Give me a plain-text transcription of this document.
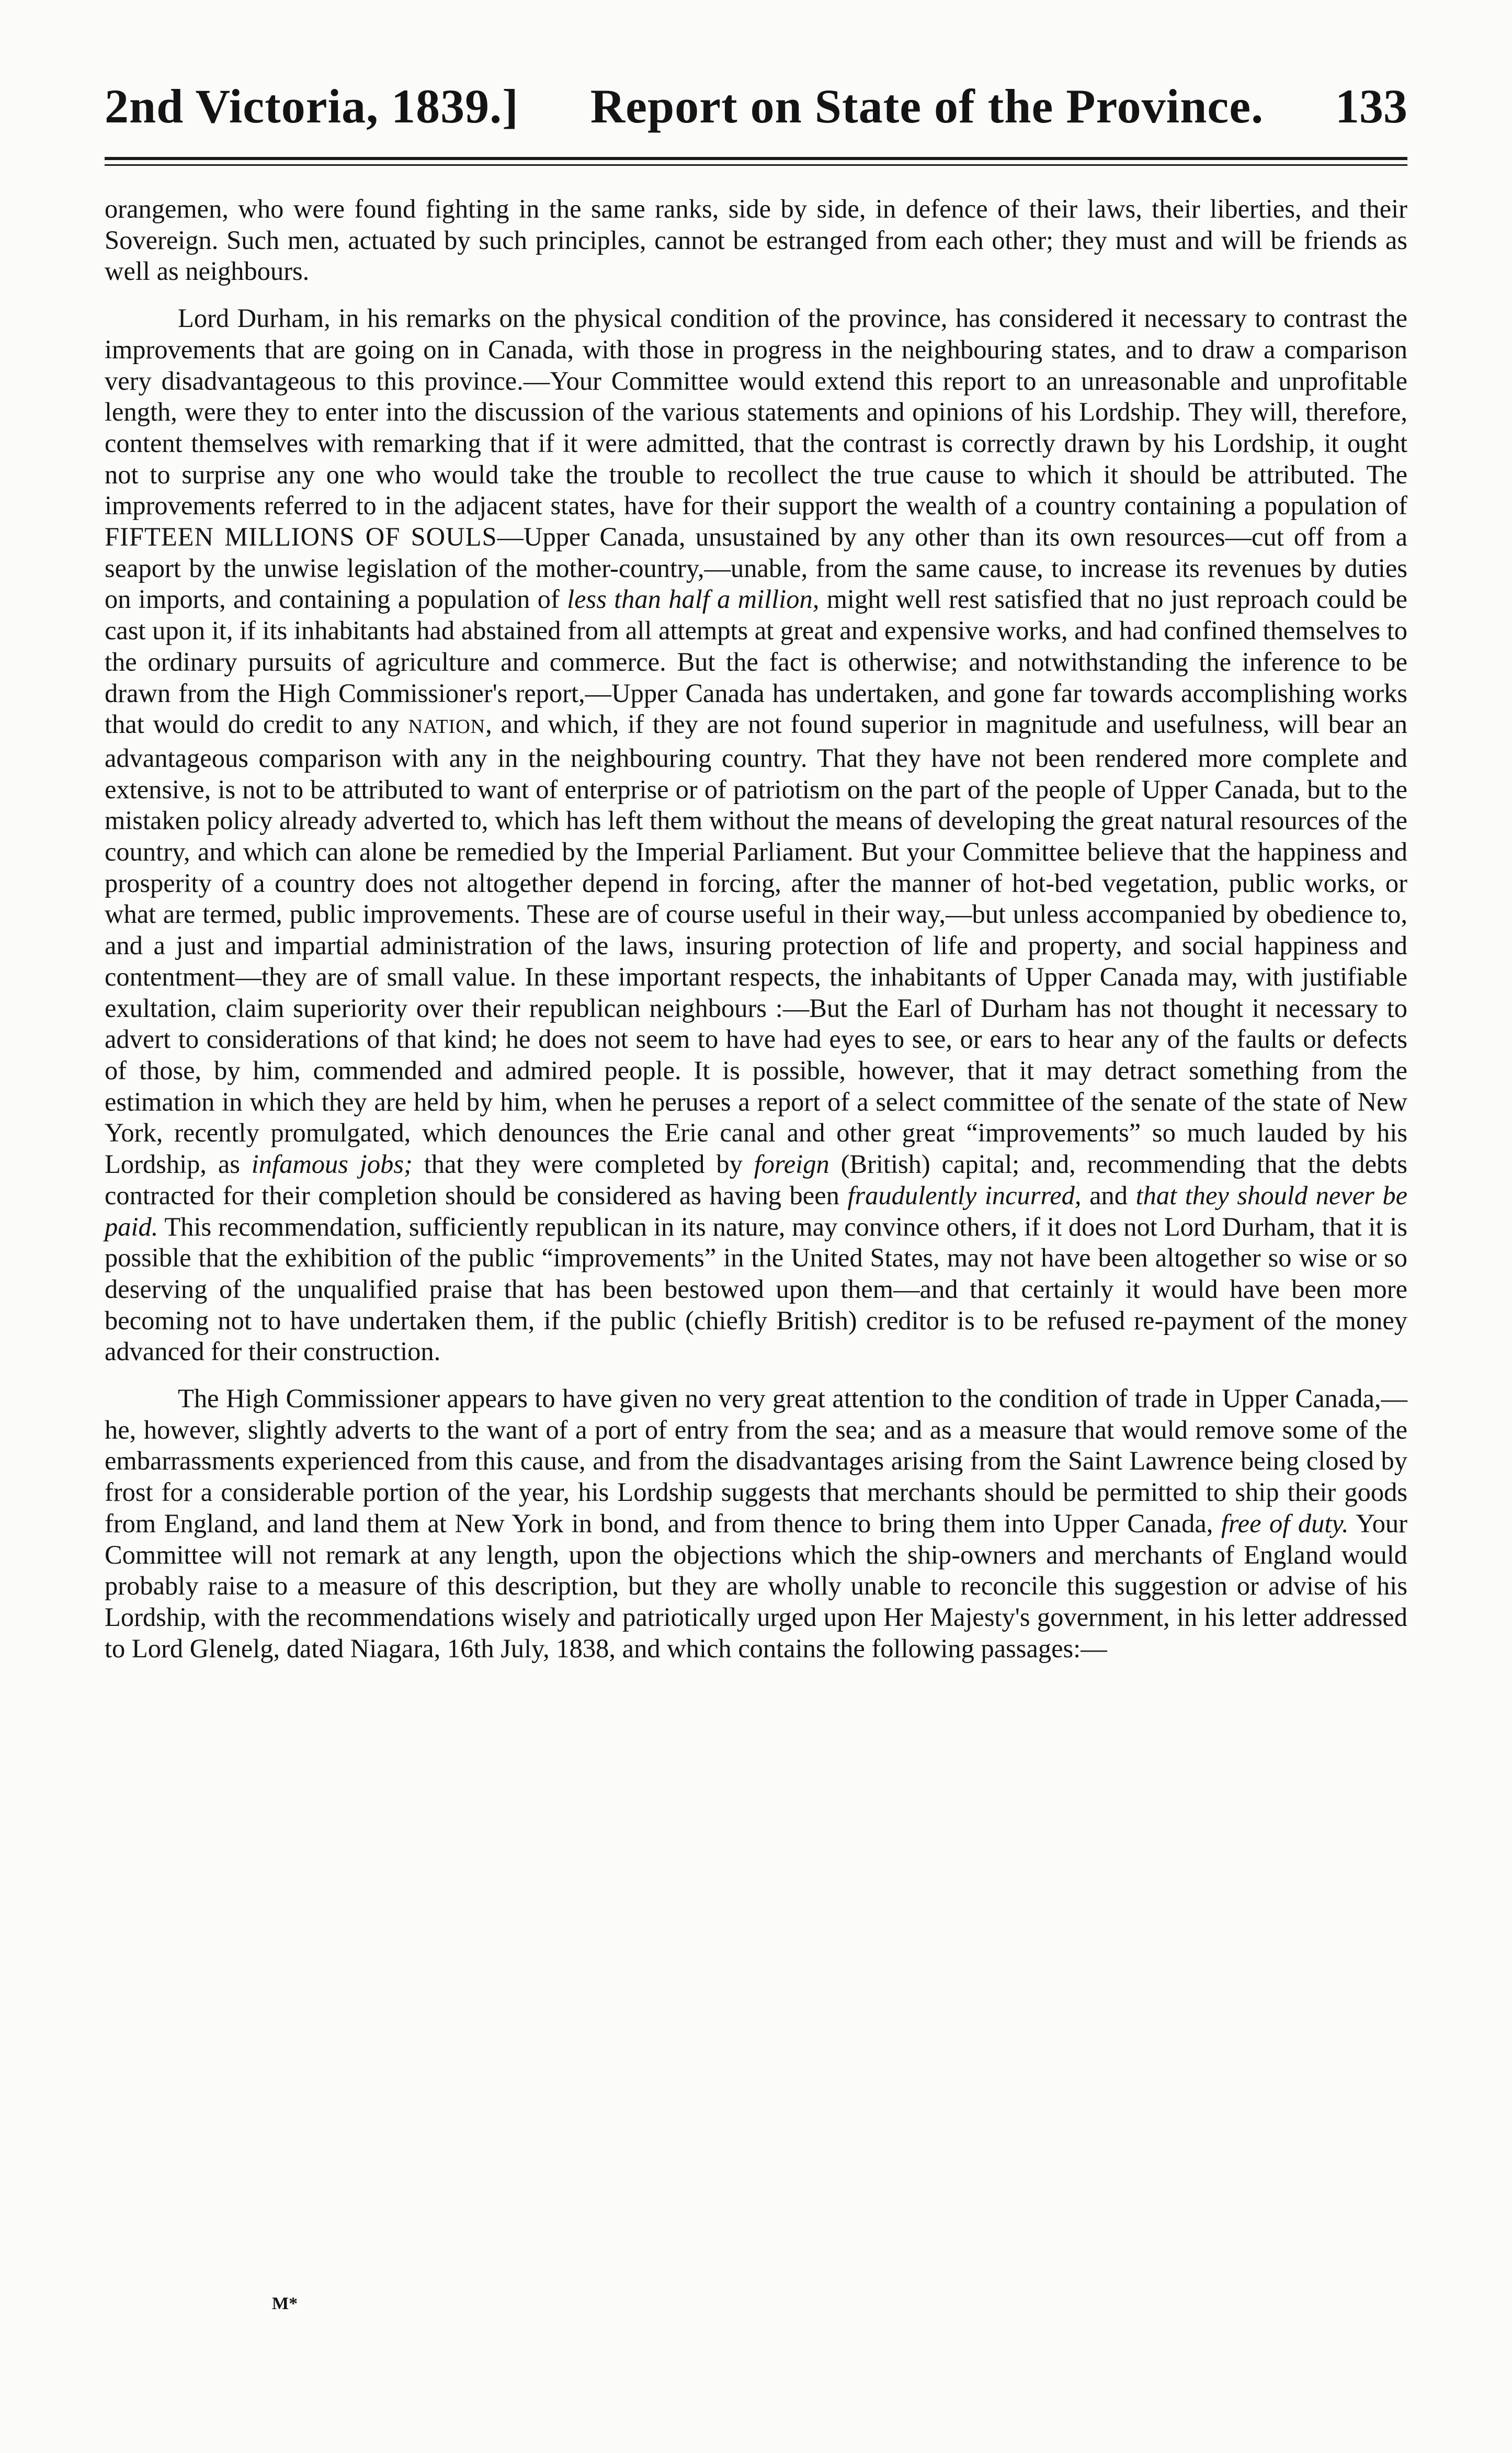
2nd Victoria, 1839.]	Report on State of the Province.	133

orangemen, who were found fighting in the same ranks, side by side, in defence of their laws, their liberties, and their Sovereign. Such men, actuated by such principles, cannot be estranged from each other; they must and will be friends as well as neighbours.

Lord Durham, in his remarks on the physical condition of the province, has considered it necessary to contrast the improvements that are going on in Canada, with those in progress in the neighbouring states, and to draw a comparison very disadvantageous to this province.—Your Committee would extend this report to an unreasonable and unprofitable length, were they to enter into the discussion of the various statements and opinions of his Lordship. They will, therefore, content themselves with remarking that if it were admitted, that the contrast is correctly drawn by his Lordship, it ought not to surprise any one who would take the trouble to recollect the true cause to which it should be attributed. The improvements referred to in the adjacent states, have for their support the wealth of a country containing a population of FIFTEEN MILLIONS OF SOULS—Upper Canada, unsustained by any other than its own resources—cut off from a seaport by the unwise legislation of the mother-country,—unable, from the same cause, to increase its revenues by duties on imports, and containing a population of less than half a million, might well rest satisfied that no just reproach could be cast upon it, if its inhabitants had abstained from all attempts at great and expensive works, and had confined themselves to the ordinary pursuits of agriculture and commerce. But the fact is otherwise; and notwithstanding the inference to be drawn from the High Commissioner's report,—Upper Canada has undertaken, and gone far towards accomplishing works that would do credit to any NATION, and which, if they are not found superior in magnitude and usefulness, will bear an advantageous comparison with any in the neighbouring country. That they have not been rendered more complete and extensive, is not to be attributed to want of enterprise or of patriotism on the part of the people of Upper Canada, but to the mistaken policy already adverted to, which has left them without the means of developing the great natural resources of the country, and which can alone be remedied by the Imperial Parliament. But your Committee believe that the happiness and prosperity of a country does not altogether depend in forcing, after the manner of hot-bed vegetation, public works, or what are termed, public improvements. These are of course useful in their way,—but unless accompanied by obedience to, and a just and impartial administration of the laws, insuring protection of life and property, and social happiness and contentment—they are of small value. In these important respects, the inhabitants of Upper Canada may, with justifiable exultation, claim superiority over their republican neighbours :—But the Earl of Durham has not thought it necessary to advert to considerations of that kind; he does not seem to have had eyes to see, or ears to hear any of the faults or defects of those, by him, commended and admired people. It is possible, however, that it may detract something from the estimation in which they are held by him, when he peruses a report of a select committee of the senate of the state of New York, recently promulgated, which denounces the Erie canal and other great “improvements” so much lauded by his Lordship, as infamous jobs; that they were completed by foreign (British) capital; and, recommending that the debts contracted for their completion should be considered as having been fraudulently incurred, and that they should never be paid. This recommendation, sufficiently republican in its nature, may convince others, if it does not Lord Durham, that it is possible that the exhibition of the public “improvements” in the United States, may not have been altogether so wise or so deserving of the unqualified praise that has been bestowed upon them—and that certainly it would have been more becoming not to have undertaken them, if the public (chiefly British) creditor is to be refused re-payment of the money advanced for their construction.

The High Commissioner appears to have given no very great attention to the condition of trade in Upper Canada,—he, however, slightly adverts to the want of a port of entry from the sea; and as a measure that would remove some of the embarrassments experienced from this cause, and from the disadvantages arising from the Saint Lawrence being closed by frost for a considerable portion of the year, his Lordship suggests that merchants should be permitted to ship their goods from England, and land them at New York in bond, and from thence to bring them into Upper Canada, free of duty. Your Committee will not remark at any length, upon the objections which the ship-owners and merchants of England would probably raise to a measure of this description, but they are wholly unable to reconcile this suggestion or advise of his Lordship, with the recommendations wisely and patriotically urged upon Her Majesty's government, in his letter addressed to Lord Glenelg, dated Niagara, 16th July, 1838, and which contains the following passages:—

M*
